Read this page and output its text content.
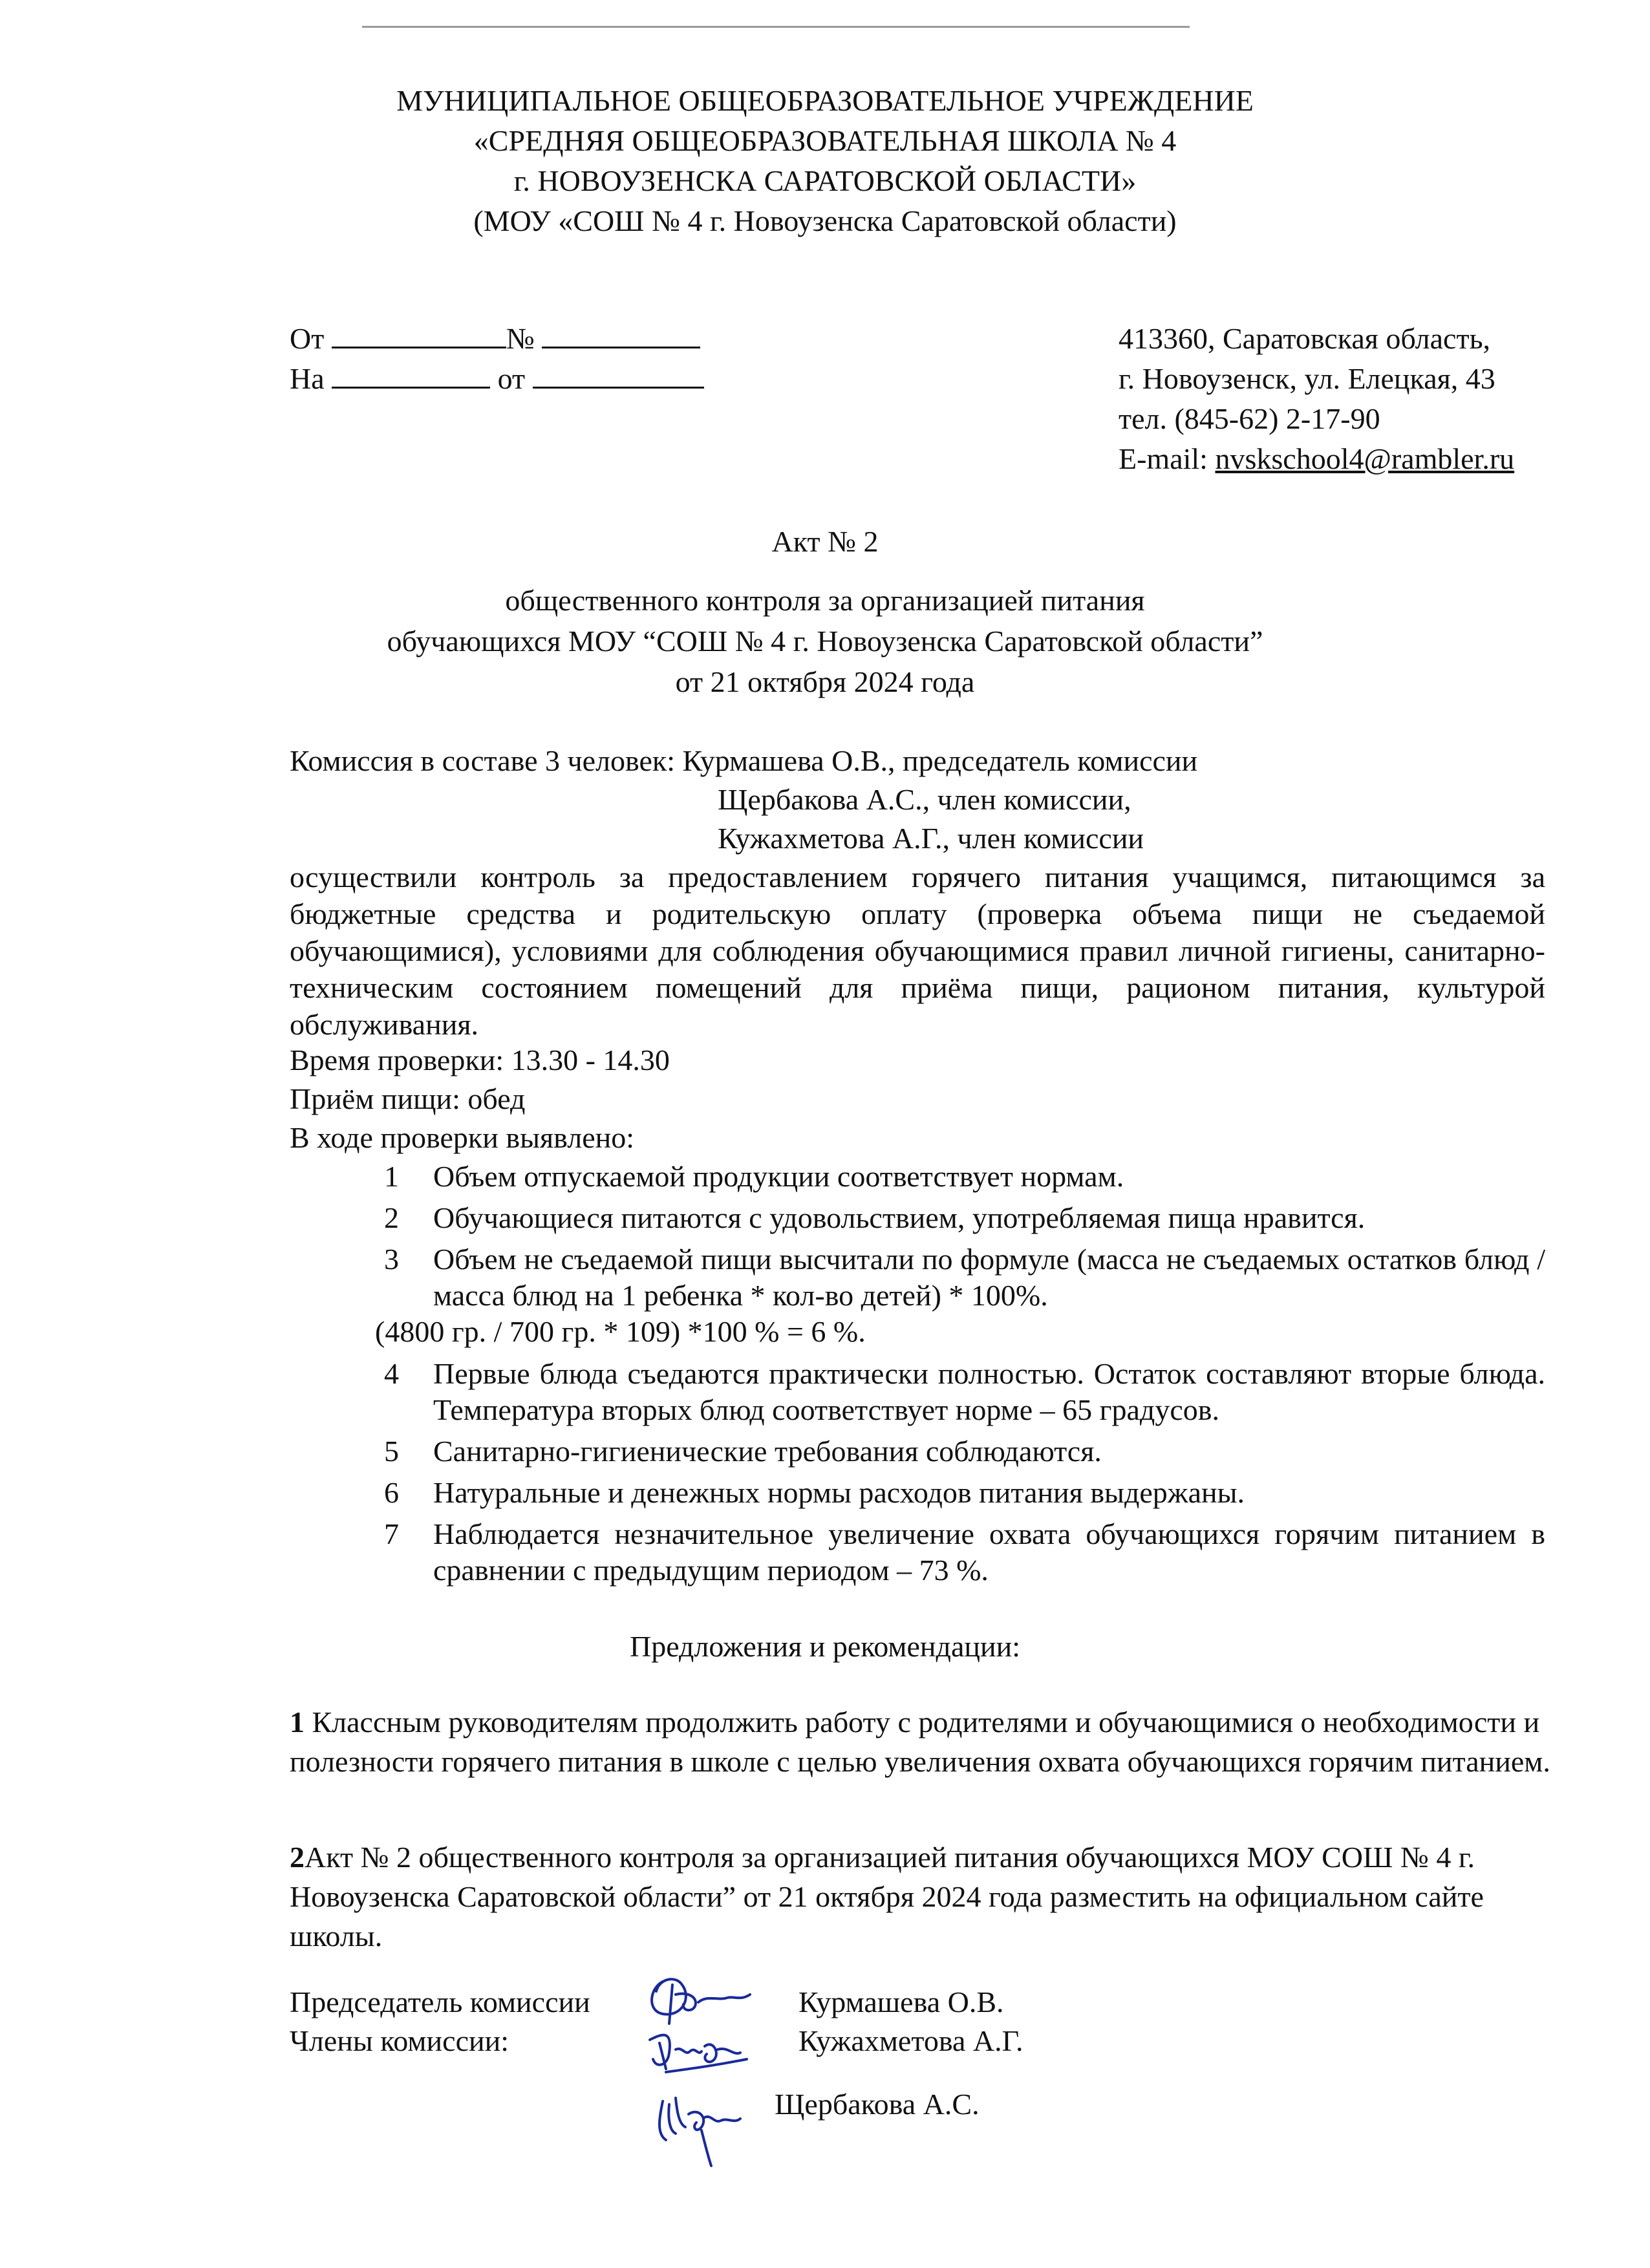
МУНИЦИПАЛЬНОЕ ОБЩЕОБРАЗОВАТЕЛЬНОЕ УЧРЕЖДЕНИЕ
«СРЕДНЯЯ ОБЩЕОБРАЗОВАТЕЛЬНАЯ ШКОЛА № 4
г. НОВОУЗЕНСКА САРАТОВСКОЙ ОБЛАСТИ»
(МОУ «СОШ № 4 г. Новоузенска Саратовской области)
От	№
На	от
413360, Саратовская область,
г. Новоузенск, ул. Елецкая, 43
тел. (845-62) 2-17-90
E-mail: nvskschool4@rambler.ru
Акт № 2
общественного контроля за организацией питания
обучающихся МОУ “СОШ № 4 г. Новоузенска Саратовской области”
от 21 октября 2024 года
Комиссия в составе 3 человек: Курмашева О.В., председатель комиссии
Щербакова А.С., член комиссии,
Кужахметова А.Г., член комиссии

осуществили контроль за предоставлением горячего питания учащимся, питающимся за бюджетные средства и родительскую оплату (проверка объема пищи не съедаемой обучающимися), условиями для соблюдения обучающимися правил личной гигиены, санитарно-техническим состоянием помещений для приёма пищи, рационом питания, культурой обслуживания.

Время проверки: 13.30 - 14.30
Приём пищи: обед
В ходе проверки выявлено:
1 Объем отпускаемой продукции соответствует нормам.
2 Обучающиеся питаются с удовольствием, употребляемая пища нравится.
3 Объем не съедаемой пищи высчитали по формуле (масса не съедаемых остатков блюд / масса блюд на 1 ребенка * кол-во детей) * 100%.
(4800 гр. / 700 гр. * 109) *100 % = 6 %.
4 Первые блюда съедаются практически полностью. Остаток составляют вторые блюда. Температура вторых блюд соответствует норме – 65 градусов.
5 Санитарно-гигиенические требования соблюдаются.
6 Натуральные и денежных нормы расходов питания выдержаны.
7 Наблюдается незначительное увеличение охвата обучающихся горячим питанием в сравнении с предыдущим периодом – 73 %.
Предложения и рекомендации:

1 Классным руководителям продолжить работу с родителями и обучающимися о необходимости и полезности горячего питания в школе с целью увеличения охвата обучающихся горячим питанием.

2Акт № 2 общественного контроля за организацией питания обучающихся МОУ СОШ № 4 г. Новоузенска Саратовской области” от 21 октября 2024 года разместить на официальном сайте школы.

Председатель комиссии
Члены комиссии:
Курмашева О.В.
Кужахметова А.Г.
Щербакова А.С.
